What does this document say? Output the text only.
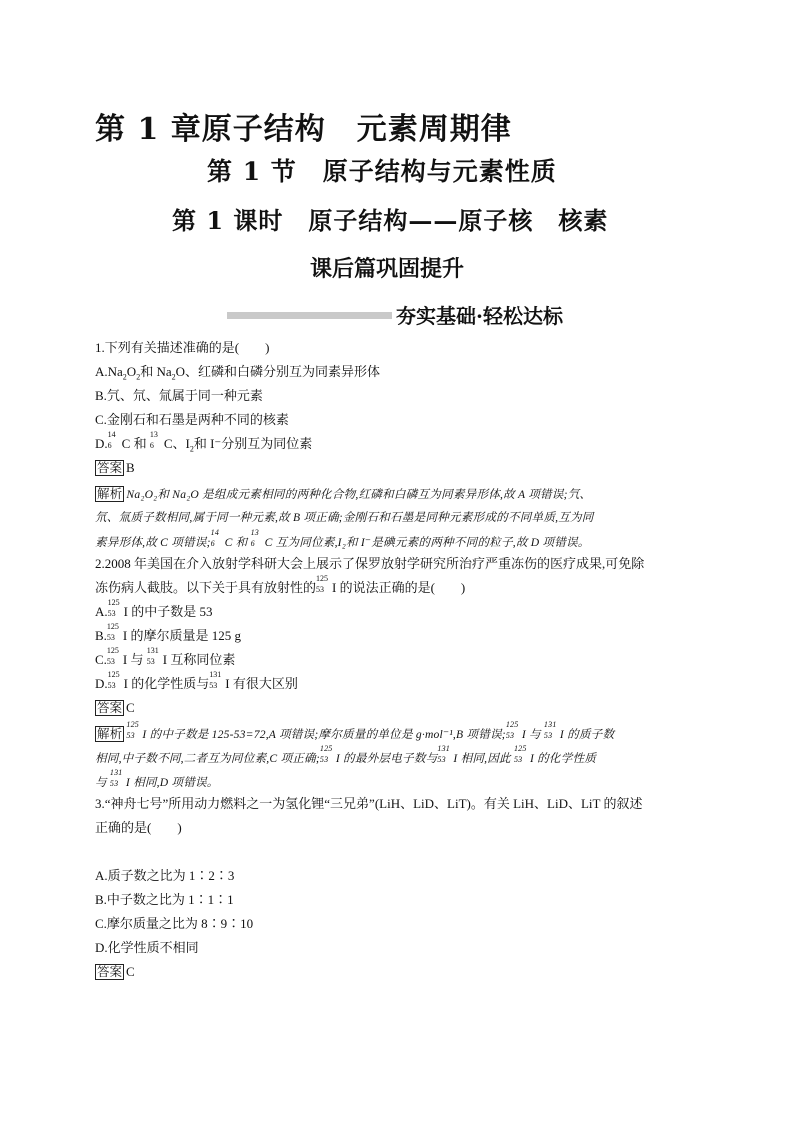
第 1 章原子结构　元素周期律
第 1 节　原子结构与元素性质
第 1 课时　原子结构——原子核　核素
课后篇巩固提升
夯实基础·轻松达标
1.下列有关描述准确的是(　　)
$A.Na_2O_2$和 $Na_2O$、红磷和白磷分别互为同素异形体
B.氕、氘、氚属于同一种元素
C.金刚石和石墨是两种不同的核素
D.
14
6 C 和
13
6 C、$I_2$和 I⁻分别互为同位素
答案 B
解析 Na₂O₂和 Na₂O 是组成元素相同的两种化合物,红磷和白磷互为同素异形体,故 A 项错误;氕、
氘、氚质子数相同,属于同一种元素,故 B 项正确;金刚石和石墨是同种元素形成的不同单质,互为同
素异形体,故 C 项错误;
14
6 C 和
13
6 C 互为同位素,I₂和 I⁻是碘元素的两种不同的粒子,故 D 项错误。
2.2008 年美国在介入放射学科研大会上展示了保罗放射学研究所治疗严重冻伤的医疗成果,可免除
冻伤病人截肢。以下关于具有放射性的
125
53 I 的说法正确的是(　　)
A.
125
53 I 的中子数是 53
B.
125
53 I 的摩尔质量是 125 g
C.
125
53 I 与
131
53 I 互称同位素
D.
125
53 I 的化学性质与
131
53 I 有很大区别
答案 C
解析
125
53 I 的中子数是 125-53=72,A 项错误;摩尔质量的单位是 g·mol⁻¹,B 项错误;
125
53 I 与
131
53 I 的质子数
相同,中子数不同,二者互为同位素,C 项正确;
125
53 I 的最外层电子数与
131
53 I 相同,因此
125
53 I 的化学性质
与
131
53 I 相同,D 项错误。
3.“神舟七号”所用动力燃料之一为氢化锂“三兄弟”(LiH、LiD、LiT)。有关 LiH、LiD、LiT 的叙述
正确的是(　　)
A.质子数之比为 1∶2∶3
B.中子数之比为 1∶1∶1
C.摩尔质量之比为 8∶9∶10
D.化学性质不相同
答案 C
